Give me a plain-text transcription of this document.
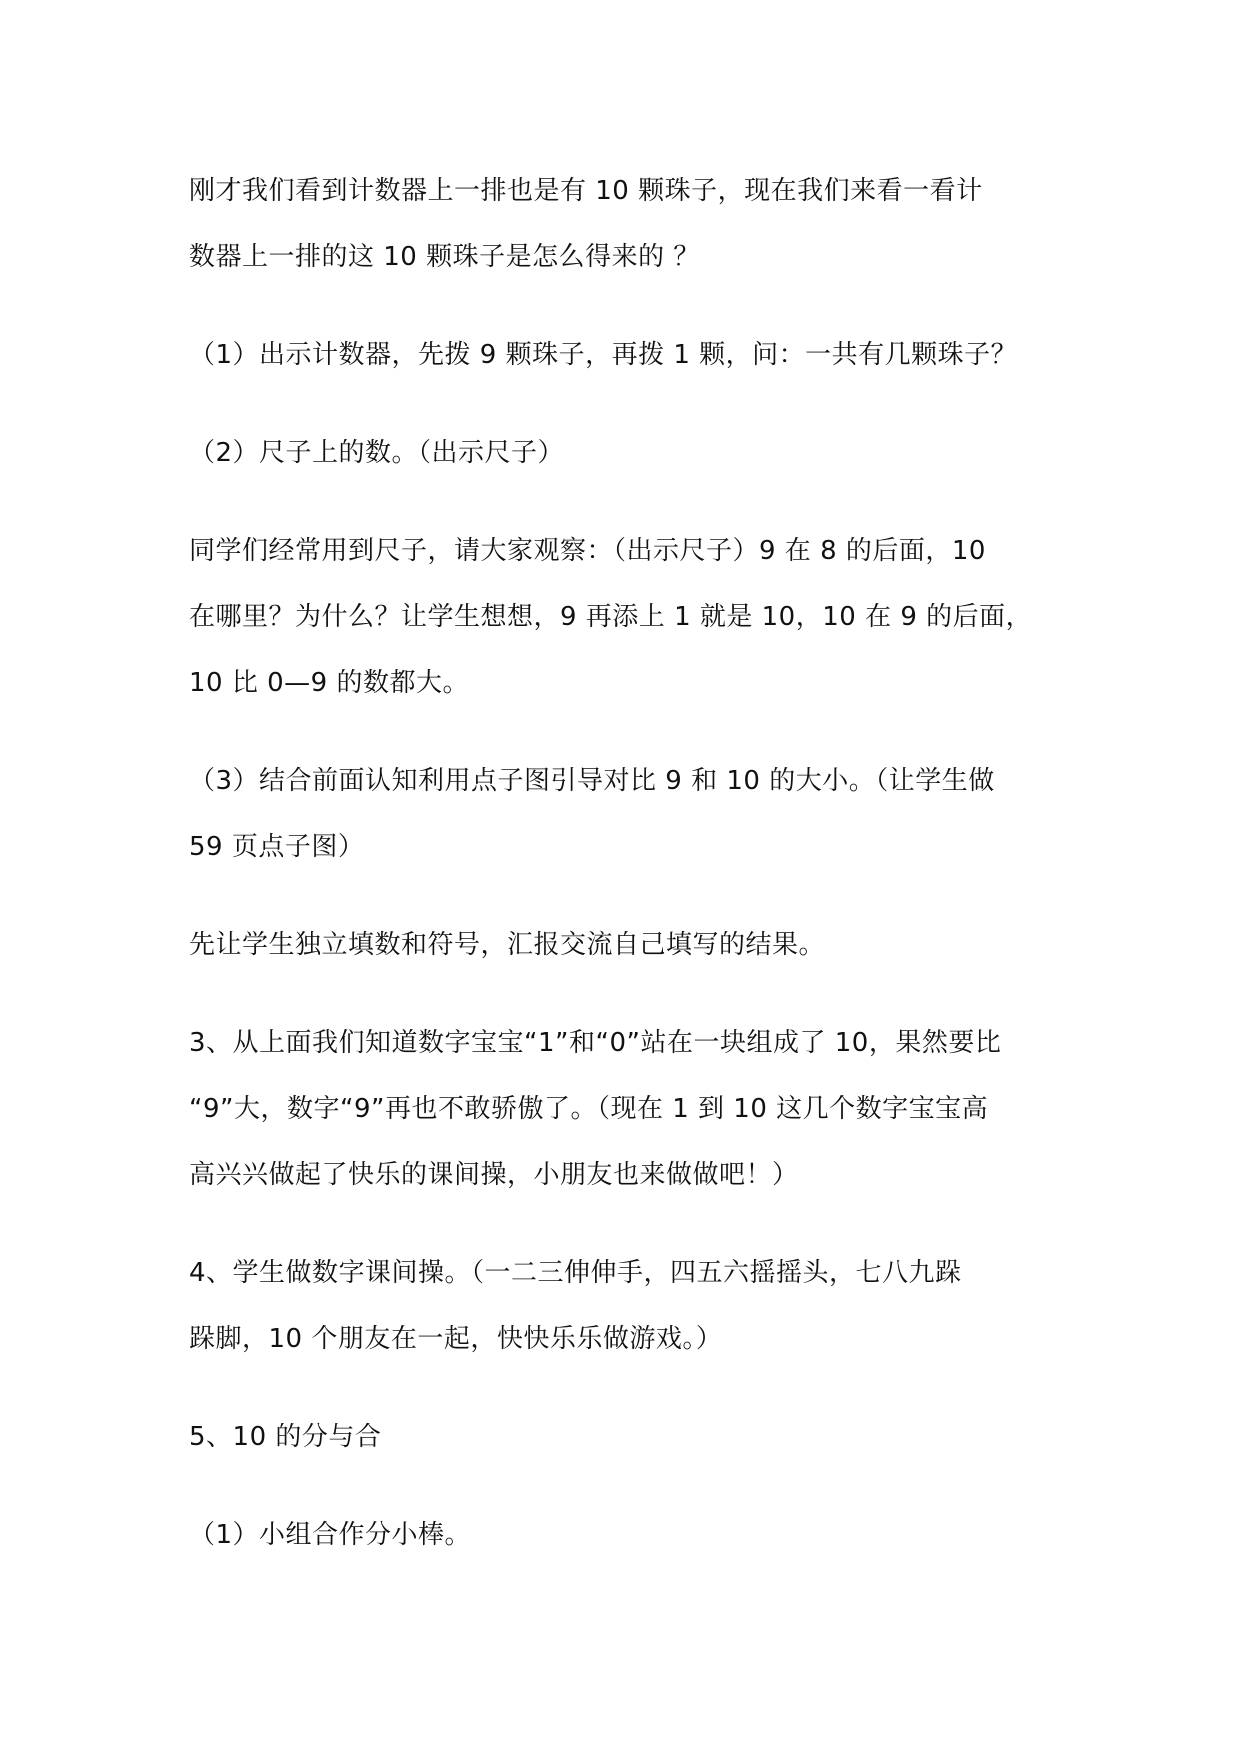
刚才我们看到计数器上一排也是有 10 颗珠子，现在我们来看一看计
数器上一排的这 10 颗珠子是怎么得来的 ？
（1）出示计数器，先拨 9 颗珠子，再拨 1 颗，问：一共有几颗珠子？
（2）尺子上的数。（出示尺子）
同学们经常用到尺子，请大家观察：（出示尺子）9 在 8 的后面，10
在哪里？为什么？让学生想想，9 再添上 1 就是 10，10 在 9 的后面，
10 比 0—9 的数都大。
（3）结合前面认知利用点子图引导对比 9 和 10 的大小。（让学生做
59 页点子图）
先让学生独立填数和符号，汇报交流自己填写的结果。
3、从上面我们知道数字宝宝“1”和“0”站在一块组成了 10，果然要比
“9”大，数字“9”再也不敢骄傲了。（现在 1 到 10 这几个数字宝宝高
高兴兴做起了快乐的课间操，小朋友也来做做吧！）
4、学生做数字课间操。（一二三伸伸手，四五六摇摇头，七八九跺
跺脚，10 个朋友在一起，快快乐乐做游戏。）
5、10 的分与合
（1）小组合作分小棒。
